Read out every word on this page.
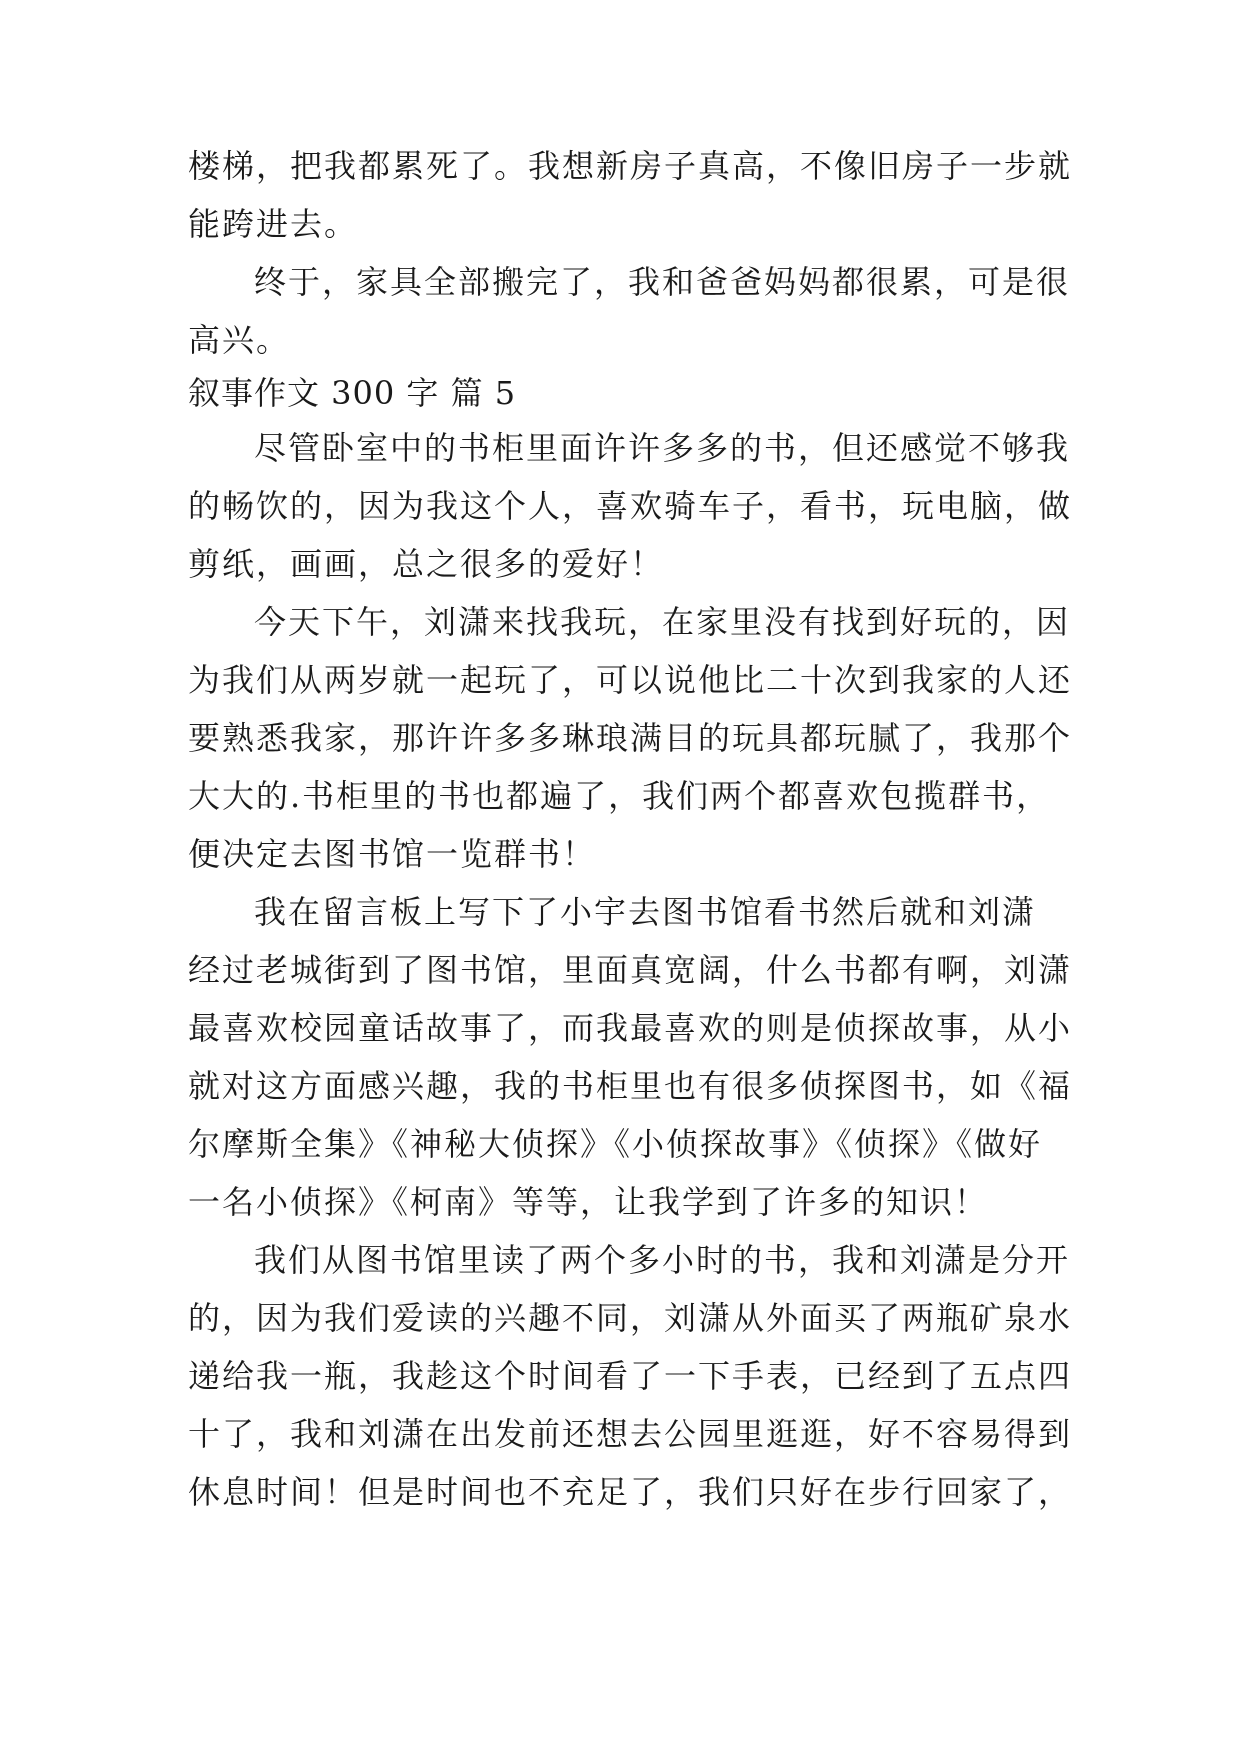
楼梯，把我都累死了。我想新房子真高，不像旧房子一步就
能跨进去。
终于，家具全部搬完了，我和爸爸妈妈都很累，可是很
高兴。
叙事作文 300 字 篇 5
尽管卧室中的书柜里面许许多多的书，但还感觉不够我
的畅饮的，因为我这个人，喜欢骑车子，看书，玩电脑，做
剪纸，画画，总之很多的爱好！
今天下午，刘潇来找我玩，在家里没有找到好玩的，因
为我们从两岁就一起玩了，可以说他比二十次到我家的人还
要熟悉我家，那许许多多琳琅满目的玩具都玩腻了，我那个
大大的.书柜里的书也都遍了，我们两个都喜欢包揽群书，
便决定去图书馆一览群书！
我在留言板上写下了小宇去图书馆看书然后就和刘潇
经过老城街到了图书馆，里面真宽阔，什么书都有啊，刘潇
最喜欢校园童话故事了，而我最喜欢的则是侦探故事，从小
就对这方面感兴趣，我的书柜里也有很多侦探图书，如《福
尔摩斯全集》《神秘大侦探》《小侦探故事》《侦探》《做好
一名小侦探》《柯南》等等，让我学到了许多的知识！
我们从图书馆里读了两个多小时的书，我和刘潇是分开
的，因为我们爱读的兴趣不同，刘潇从外面买了两瓶矿泉水
递给我一瓶，我趁这个时间看了一下手表，已经到了五点四
十了，我和刘潇在出发前还想去公园里逛逛，好不容易得到
休息时间！但是时间也不充足了，我们只好在步行回家了，
